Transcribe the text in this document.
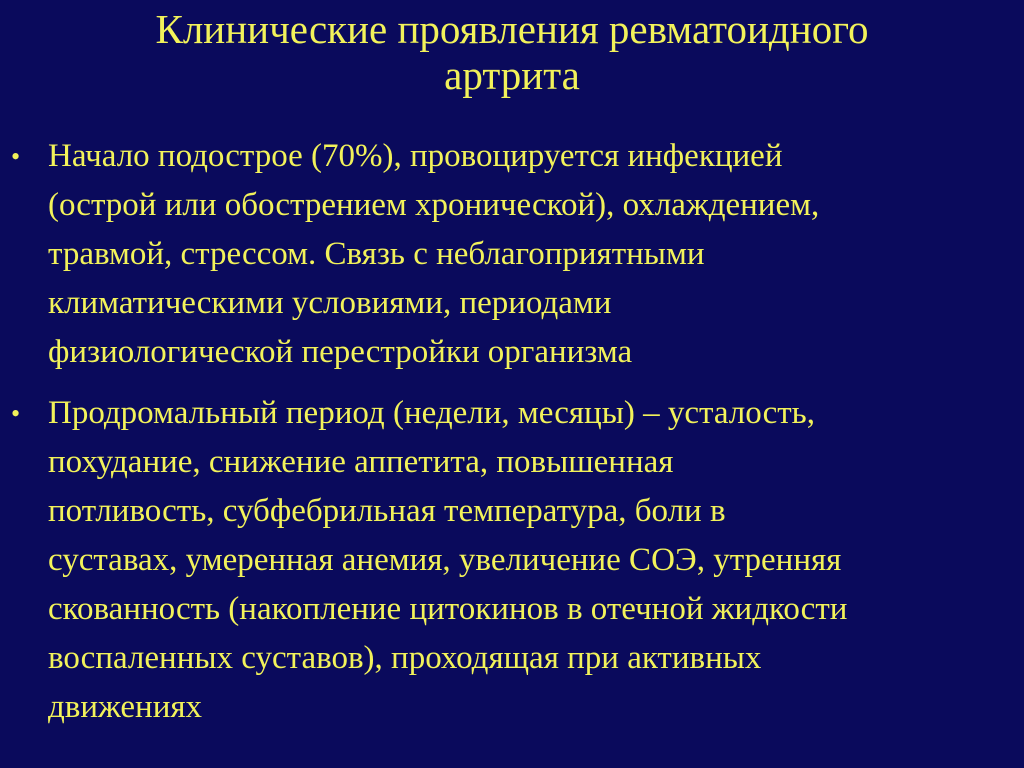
Клинические проявления ревматоидного
артрита
• Начало подострое (70%), провоцируется инфекцией
(острой или обострением хронической), охлаждением,
травмой, стрессом. Связь с неблагоприятными
климатическими условиями, периодами
физиологической перестройки организма
• Продромальный период (недели, месяцы) – усталость,
похудание, снижение аппетита, повышенная
потливость, субфебрильная температура, боли в
суставах, умеренная анемия, увеличение СОЭ, утренняя
скованность (накопление цитокинов в отечной жидкости
воспаленных суставов), проходящая при активных
движениях
